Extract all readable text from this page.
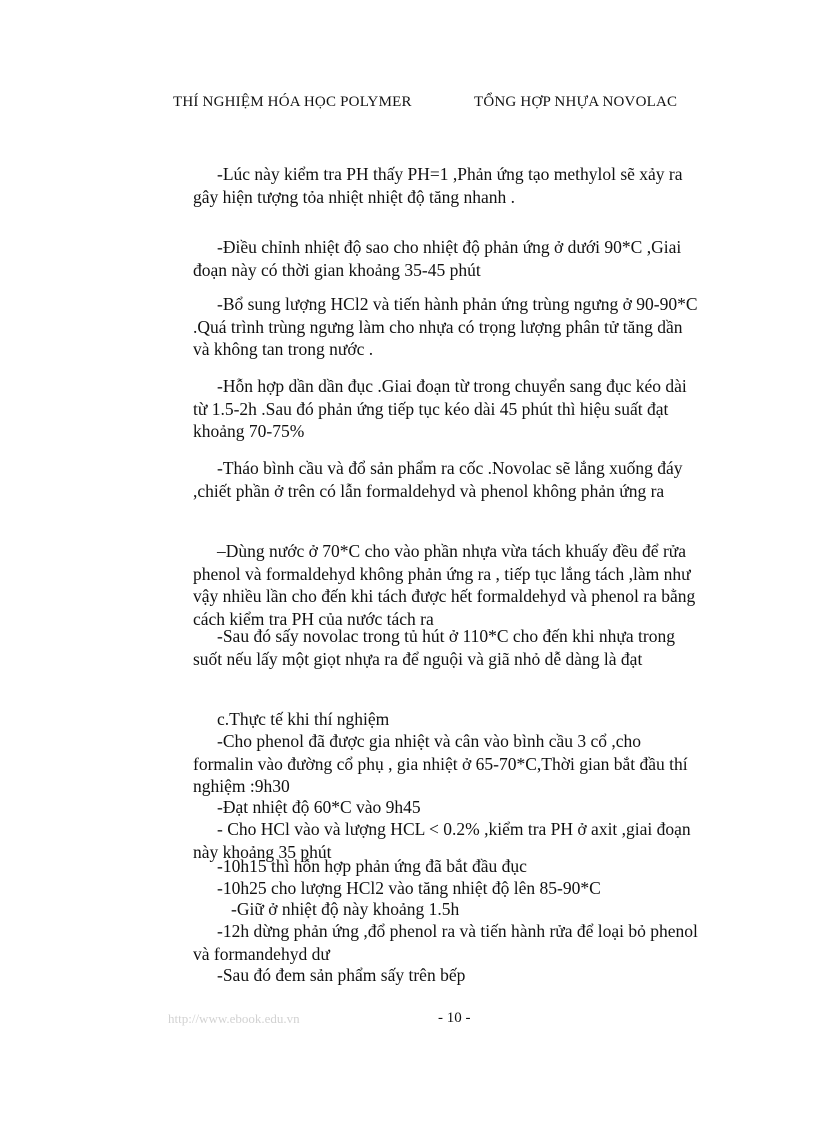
THÍ NGHIỆM HÓA HỌC POLYMER	TỔNG HỢP NHỰA NOVOLAC

-Lúc này kiểm tra PH thấy PH=1 ,Phản ứng tạo methylol sẽ xảy ra gây hiện tượng tỏa nhiệt nhiệt độ tăng nhanh .

-Điều chỉnh nhiệt độ sao cho nhiệt độ phản ứng ở dưới 90*C ,Giai đoạn này có thời gian khoảng 35-45 phút

-Bổ sung lượng HCl2 và tiến hành phản ứng trùng ngưng ở 90-90*C .Quá trình trùng ngưng làm cho nhựa có trọng lượng phân tử tăng dần và không tan trong nước .

-Hỗn hợp dần dần đục .Giai đoạn từ trong chuyển sang đục kéo dài từ 1.5-2h .Sau đó phản ứng tiếp tục kéo dài 45 phút thì hiệu suất đạt khoảng 70-75%

-Tháo bình cầu và đổ sản phẩm ra cốc .Novolac sẽ lắng xuống đáy ,chiết phần ở trên có lẫn formaldehyd và phenol không phản ứng ra

–Dùng nước ở 70*C cho vào phần nhựa vừa tách khuấy đều để rửa phenol và formaldehyd không phản ứng ra , tiếp tục lắng tách ,làm như vậy nhiều lần cho đến khi tách được hết formaldehyd và phenol ra bằng cách kiểm tra PH của nước tách ra

-Sau đó sấy novolac trong tủ hút ở 110*C cho đến khi nhựa trong suốt nếu lấy một giọt nhựa ra để nguội và giã nhỏ dễ dàng là đạt

c.Thực tế khi thí nghiệm
-Cho phenol đã được gia nhiệt và cân vào bình cầu 3 cổ ,cho formalin vào đường cổ phụ , gia nhiệt ở 65-70*C,Thời gian bắt đầu thí nghiệm :9h30
-Đạt nhiệt độ 60*C vào 9h45
- Cho HCl vào và lượng HCL < 0.2% ,kiểm tra PH ở axit ,giai đoạn này khoảng 35 phút
-10h15 thì hỗn hợp phản ứng đã bắt đầu đục
-10h25 cho lượng HCl2 vào tăng nhiệt độ lên 85-90*C
-Giữ ở nhiệt độ này khoảng 1.5h
-12h dừng phản ứng ,đổ phenol ra và tiến hành rửa để loại bỏ phenol và formandehyd dư
-Sau đó đem sản phẩm sấy trên bếp
http://www.ebook.edu.vn	- 10 -
